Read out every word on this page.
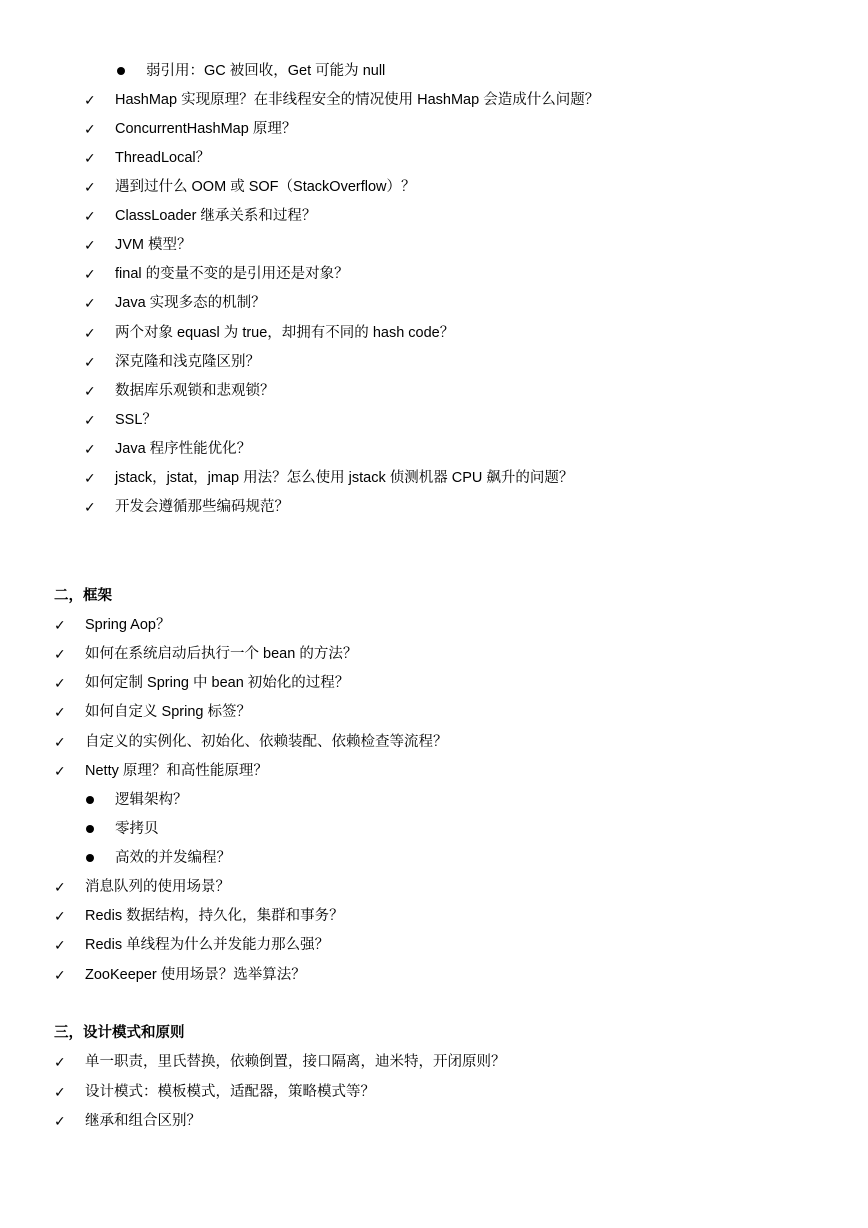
弱引用：GC 被回收，Get 可能为 null
✓ HashMap 实现原理？在非线程安全的情况使用 HashMap 会造成什么问题？
✓ ConcurrentHashMap 原理？
✓ ThreadLocal？
✓ 遇到过什么 OOM 或 SOF（StackOverflow）？
✓ ClassLoader 继承关系和过程？
✓ JVM 模型？
✓ final 的变量不变的是引用还是对象？
✓ Java 实现多态的机制？
✓ 两个对象 equasl 为 true，却拥有不同的 hash code？
✓ 深克隆和浅克隆区别？
✓ 数据库乐观锁和悲观锁？
✓ SSL？
✓ Java 程序性能优化？
✓ jstack，jstat，jmap 用法？怎么使用 jstack 侦测机器 CPU 飙升的问题？
✓ 开发会遵循那些编码规范？
二，框架
✓ Spring Aop？
✓ 如何在系统启动后执行一个 bean 的方法？
✓ 如何定制 Spring 中 bean 初始化的过程？
✓ 如何自定义 Spring 标签？
✓ 自定义的实例化、初始化、依赖装配、依赖检查等流程？
✓ Netty 原理？和高性能原理？
逻辑架构？
零拷贝
高效的并发编程？
✓ 消息队列的使用场景？
✓ Redis 数据结构，持久化，集群和事务？
✓ Redis 单线程为什么并发能力那么强？
✓ ZooKeeper 使用场景？选举算法？
三，设计模式和原则
✓ 单一职责，里氏替换，依赖倒置，接口隔离，迪米特，开闭原则？
✓ 设计模式：模板模式，适配器，策略模式等？
✓ 继承和组合区别？
